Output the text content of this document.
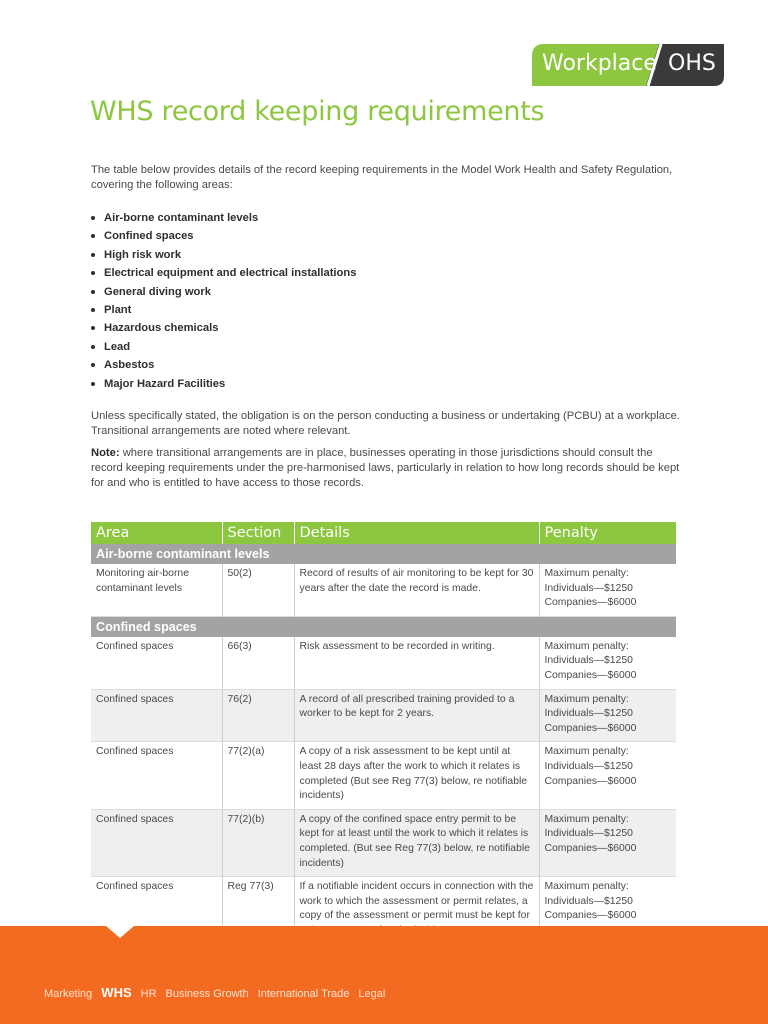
Workplace OHS
WHS record keeping requirements

The table below provides details of the record keeping requirements in the Model Work Health and Safety Regulation, covering the following areas:

Air-borne contaminant levels
Confined spaces
High risk work
Electrical equipment and electrical installations
General diving work
Plant
Hazardous chemicals
Lead
Asbestos
Major Hazard Facilities

Unless specifically stated, the obligation is on the person conducting a business or undertaking (PCBU) at a workplace. Transitional arrangements are noted where relevant.

Note: where transitional arrangements are in place, businesses operating in those jurisdictions should consult the record keeping requirements under the pre-harmonised laws, particularly in relation to how long records should be kept for and who is entitled to have access to those records.

Area	Section	Details	Penalty
Air-borne contaminant levels			
Monitoring air-borne contaminant levels	50(2)	Record of results of air monitoring to be kept for 30 years after the date the record is made.	Maximum penalty:
Individuals—$1250
Companies—$6000

Confined spaces			
Confined spaces	66(3)	Risk assessment to be recorded in writing.	Maximum penalty:
Individuals—$1250
Companies—$6000

Confined spaces	76(2)	A record of all prescribed training provided to a worker to be kept for 2 years.	Maximum penalty:
Individuals—$1250
Companies—$6000

Confined spaces	77(2)(a)	A copy of a risk assessment to be kept until at least 28 days after the work to which it relates is completed (But see Reg 77(3) below, re notifiable incidents)	Maximum penalty:
Individuals—$1250
Companies—$6000

Confined spaces	77(2)(b)	A copy of the confined space entry permit to be kept for at least until the work to which it relates is completed. (But see Reg 77(3) below, re notifiable incidents)	Maximum penalty:
Individuals—$1250
Companies—$6000

Confined spaces	Reg 77(3)	If a notifiable incident occurs in connection with the work to which the assessment or permit relates, a copy of the assessment or permit must be kept for	Maximum penalty:
Individuals—$1250
Companies—$6000
Marketing WHS HR Business Growth International Trade Legal
